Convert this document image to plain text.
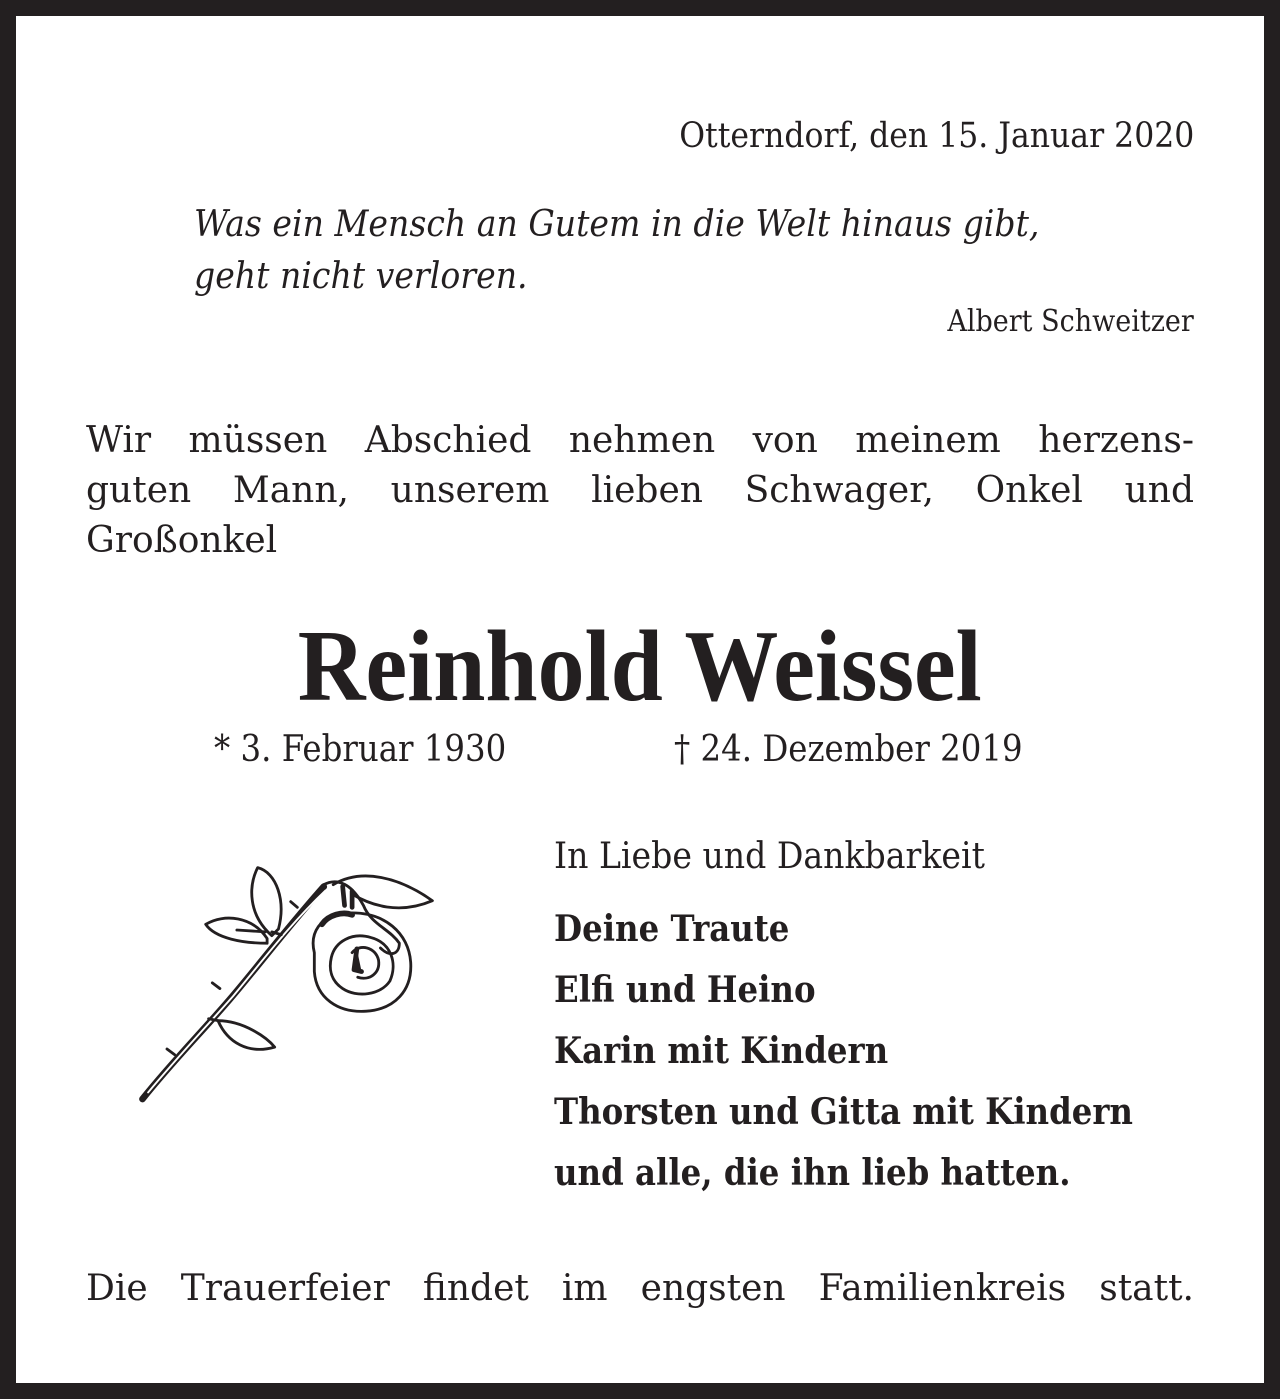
Otterndorf, den 15. Januar 2020

Was ein Mensch an Gutem in die Welt hinaus gibt,

geht nicht verloren.

Albert Schweitzer

Wir müssen Abschied nehmen von meinem herzens-
guten Mann, unserem lieben Schwager, Onkel und
Großonkel
Reinhold Weissel

* 3. Februar 1930	† 24. Dezember 2019

In Liebe und Dankbarkeit

Deine Traute

Elfi und Heino

Karin mit Kindern

Thorsten und Gitta mit Kindern

und alle, die ihn lieb hatten.

Die Trauerfeier findet im engsten Familienkreis statt.
